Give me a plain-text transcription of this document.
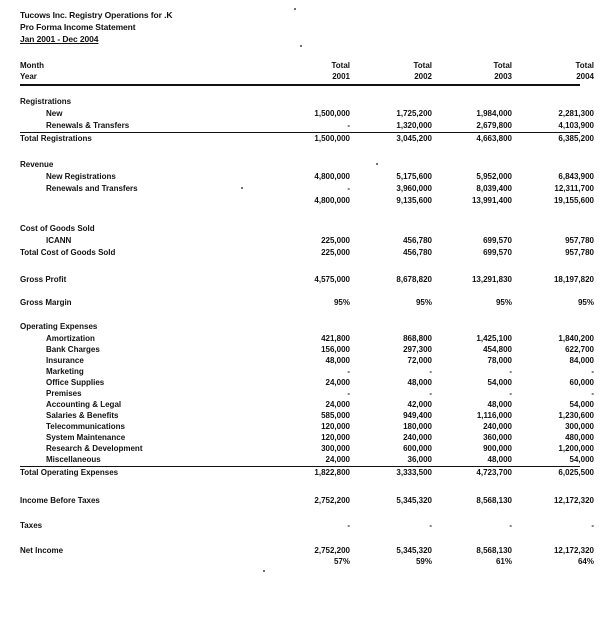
Tucows Inc. Registry Operations for .K
Pro Forma Income Statement
Jan 2001 - Dec 2004
Month	Total	Total	Total	Total
Year	2001	2002	2003	2004
Registrations
New	1,500,000	1,725,200	1,984,000	2,281,300
Renewals & Transfers	-	1,320,000	2,679,800	4,103,900
Total Registrations	1,500,000	3,045,200	4,663,800	6,385,200
Revenue
New Registrations	4,800,000	5,175,600	5,952,000	6,843,900
Renewals and Transfers	-	3,960,000	8,039,400	12,311,700
4,800,000	9,135,600	13,991,400	19,155,600
Cost of Goods Sold
ICANN	225,000	456,780	699,570	957,780
Total Cost of Goods Sold	225,000	456,780	699,570	957,780
Gross Profit	4,575,000	8,678,820	13,291,830	18,197,820
Gross Margin	95%	95%	95%	95%
Operating Expenses
Amortization	421,800	868,800	1,425,100	1,840,200
Bank Charges	156,000	297,300	454,800	622,700
Insurance	48,000	72,000	78,000	84,000
Marketing	-	-	-	-
Office Supplies	24,000	48,000	54,000	60,000
Premises	-	-	-	-
Accounting & Legal	24,000	42,000	48,000	54,000
Salaries & Benefits	585,000	949,400	1,116,000	1,230,600
Telecommunications	120,000	180,000	240,000	300,000
System Maintenance	120,000	240,000	360,000	480,000
Research & Development	300,000	600,000	900,000	1,200,000
Miscellaneous	24,000	36,000	48,000	54,000
Total Operating Expenses	1,822,800	3,333,500	4,723,700	6,025,500
Income Before Taxes	2,752,200	5,345,320	8,568,130	12,172,320
Taxes	-	-	-	-
Net Income	2,752,200	5,345,320	8,568,130	12,172,320
57%	59%	61%	64%
